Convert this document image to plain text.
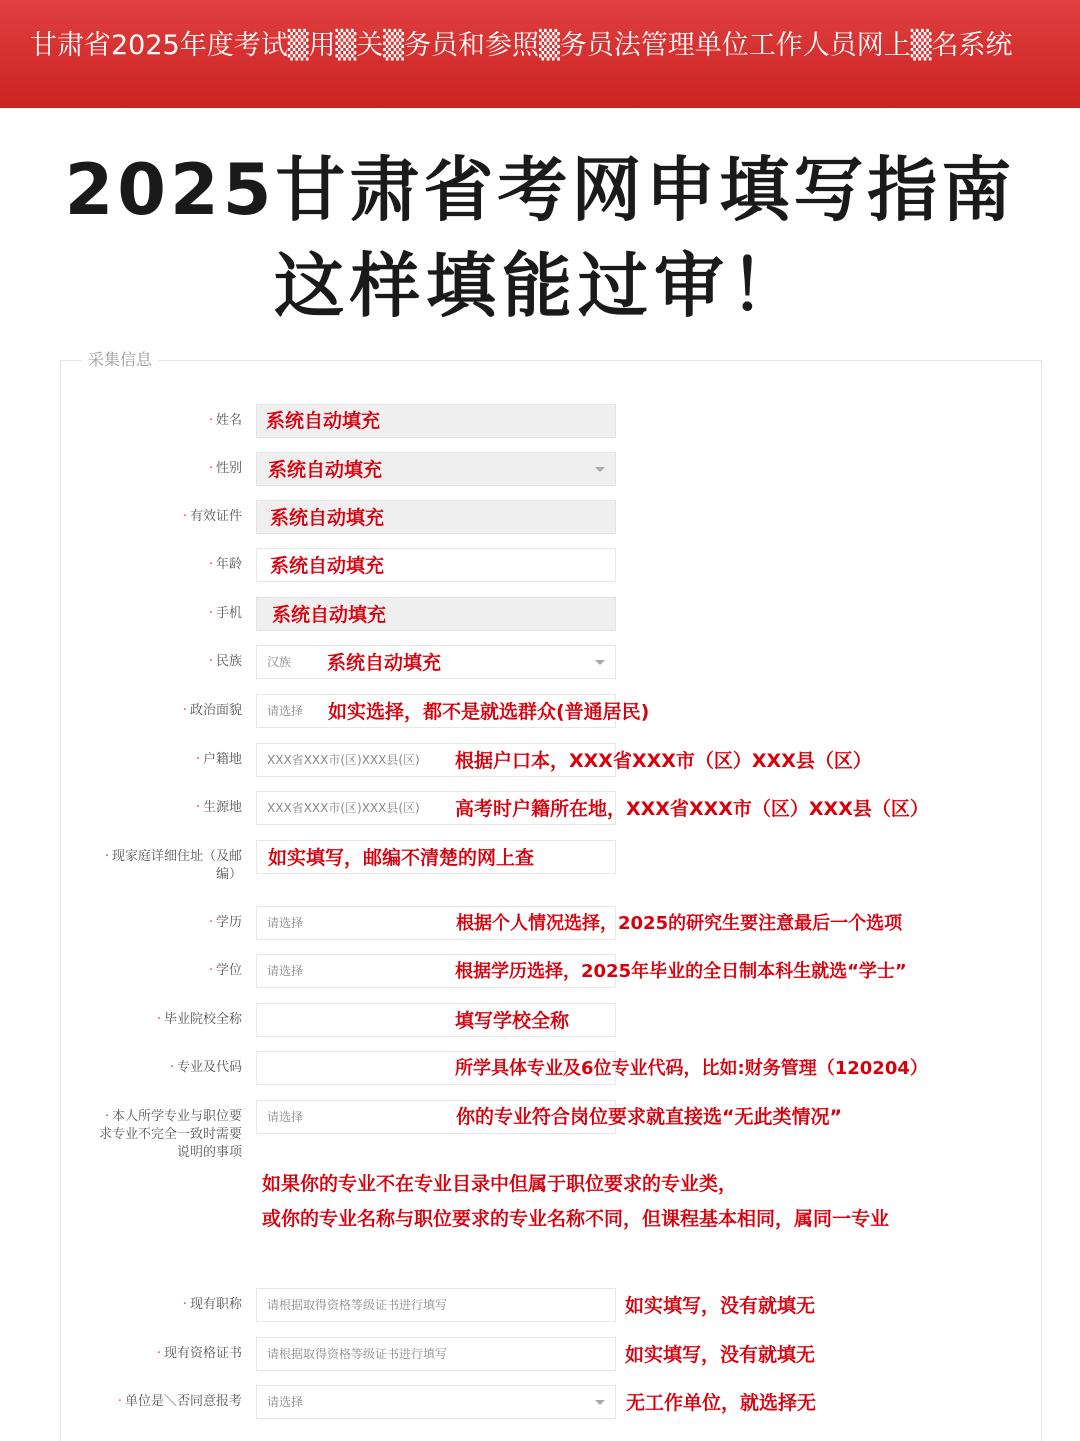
甘肃省2025年度考试▒用▒关▒务员和参照▒务员法管理单位工作人员网上▒名系统
2025甘肃省考网申填写指南
这样填能过审！
采集信息
· 姓名 系统自动填充
· 性别 系统自动填充
· 有效证件 系统自动填充
· 年龄 系统自动填充
· 手机 系统自动填充
· 民族 汉族 系统自动填充
· 政治面貌 请选择 如实选择，都不是就选群众(普通居民)
· 户籍地 XXX省XXX市(区)XXX县(区) 根据户口本，XXX省XXX市（区）XXX县（区）
· 生源地 XXX省XXX市(区)XXX县(区) 高考时户籍所在地，XXX省XXX市（区）XXX县（区）
· 现家庭详细住址（及邮编）
如实填写，邮编不清楚的网上查
· 学历 请选择	根据个人情况选择，2025的研究生要注意最后一个选项
· 学位 请选择	根据学历选择，2025年毕业的全日制本科生就选“学士”
· 毕业院校全称	填写学校全称
· 专业及代码	所学具体专业及6位专业代码，比如:财务管理（120204）
· 本人所学专业与职位要求专业不完全一致时需要说明的事项
请选择	你的专业符合岗位要求就直接选“无此类情况”
如果你的专业不在专业目录中但属于职位要求的专业类，
或你的专业名称与职位要求的专业名称不同，但课程基本相同，属同一专业
· 现有职称 请根据取得资格等级证书进行填写	如实填写，没有就填无
· 现有资格证书 请根据取得资格等级证书进行填写	如实填写，没有就填无
· 单位是＼否同意报考 请选择	无工作单位，就选择无
